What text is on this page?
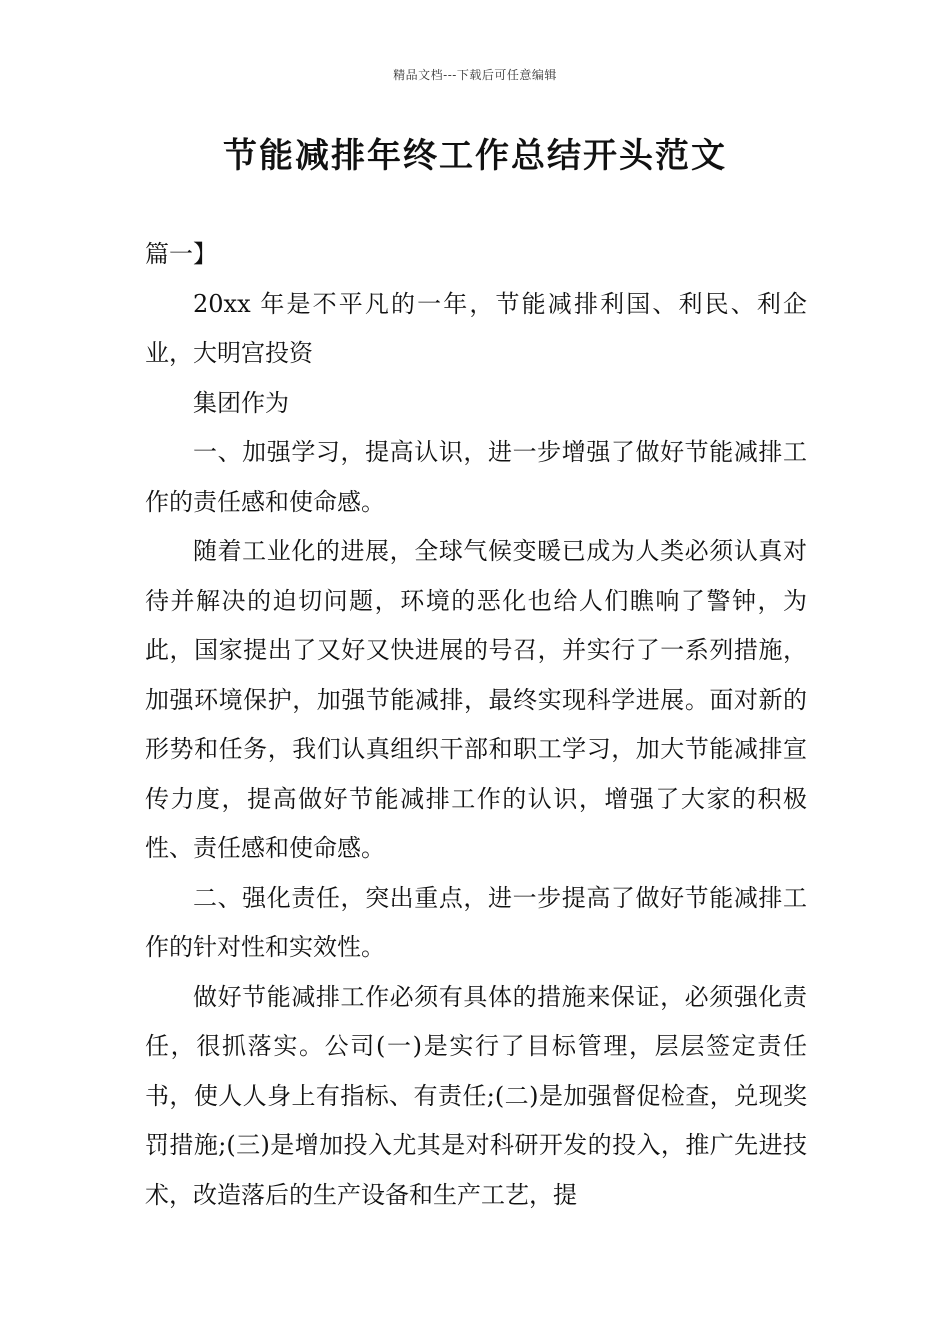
精品文档---下载后可任意编辑
节能减排年终工作总结开头范文

篇一】

20xx 年是不平凡的一年，节能减排利国、利民、利企业，大明宫投资

集团作为

一、加强学习，提高认识，进一步增强了做好节能减排工作的责任感和使命感。

随着工业化的进展，全球气候变暖已成为人类必须认真对待并解决的迫切问题，环境的恶化也给人们瞧响了警钟，为此，国家提出了又好又快进展的号召，并实行了一系列措施，加强环境保护，加强节能减排，最终实现科学进展。面对新的形势和任务，我们认真组织干部和职工学习，加大节能减排宣传力度，提高做好节能减排工作的认识，增强了大家的积极性、责任感和使命感。

二、强化责任，突出重点，进一步提高了做好节能减排工作的针对性和实效性。

做好节能减排工作必须有具体的措施来保证，必须强化责任，很抓落实。公司(一)是实行了目标管理，层层签定责任书，使人人身上有指标、有责任;(二)是加强督促检查，兑现奖罚措施;(三)是增加投入尤其是对科研开发的投入，推广先进技术，改造落后的生产设备和生产工艺，提
